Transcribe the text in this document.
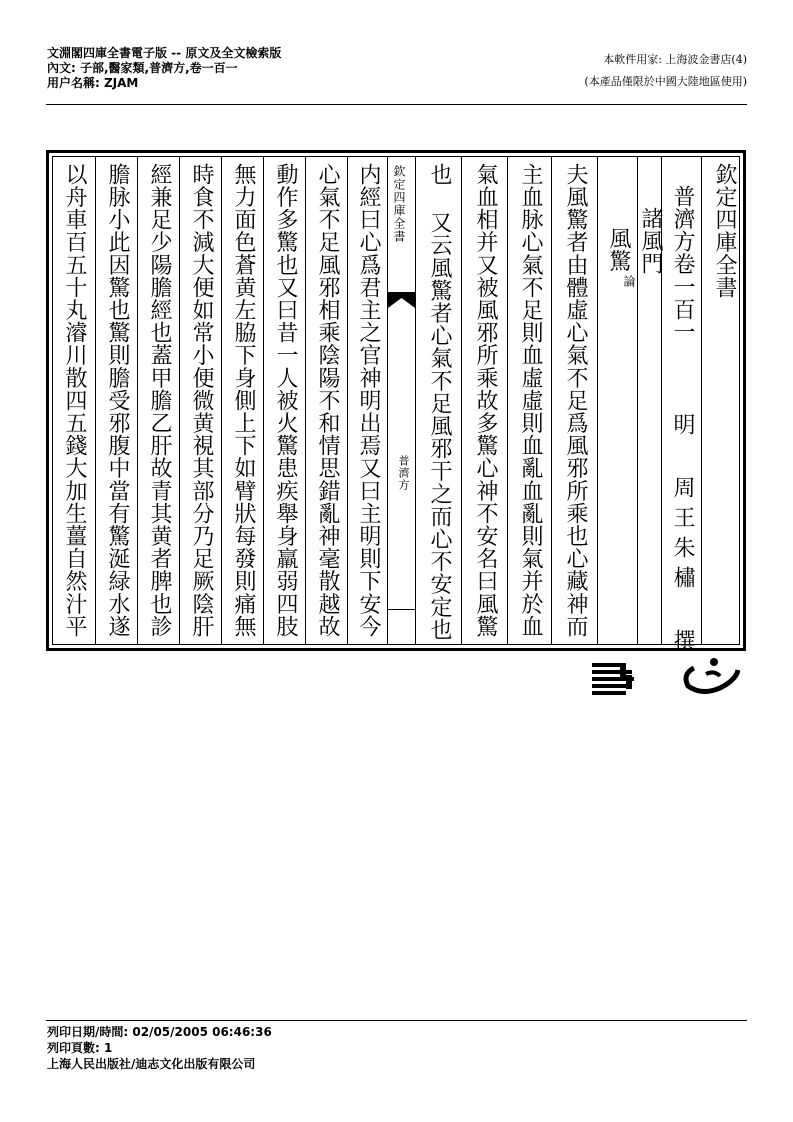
文淵閣四庫全書電子版 -- 原文及全文檢索版
內文: 子部,醫家類,普濟方,卷一百一
用户名稱: ZJAM
本軟件用家: 上海波金書店(4)
(本產品僅限於中國大陸地區使用)
以舟車百五十丸濬川散四五錢大加生薑自然汁平 膽脉小此因驚也驚則膽受邪腹中當有驚涎緑水遂 經兼足少陽膽經也蓋甲膽乙肝故青其黄者脾也診 時食不減大便如常小便微黄視其部分乃足厥陰肝 無力面色蒼黄左脇下身側上下如臂狀每發則痛無 動作多驚也又曰昔一人被火驚患疾舉身羸弱四肢 心氣不足風邪相乘陰陽不和情思錯亂神毫散越故 内經曰心爲君主之官神明出焉又曰主明則下安今 欽定四庫全書
普濟方 也 又云風驚者心氣不足風邪干之而心不安定也 氣血相并又被風邪所乘故多驚心神不安名曰風驚 主血脉心氣不足則血虛虛則血亂血亂則氣并於血 夫風驚者由體虛心氣不足爲風邪所乘也心藏神而 風驚
論
諸風門 普濟方卷一百一
明 周王朱橚 撰
欽定四庫全書
列印日期/時間: 02/05/2005 06:46:36
列印頁數: 1
上海人民出版社/迪志文化出版有限公司
